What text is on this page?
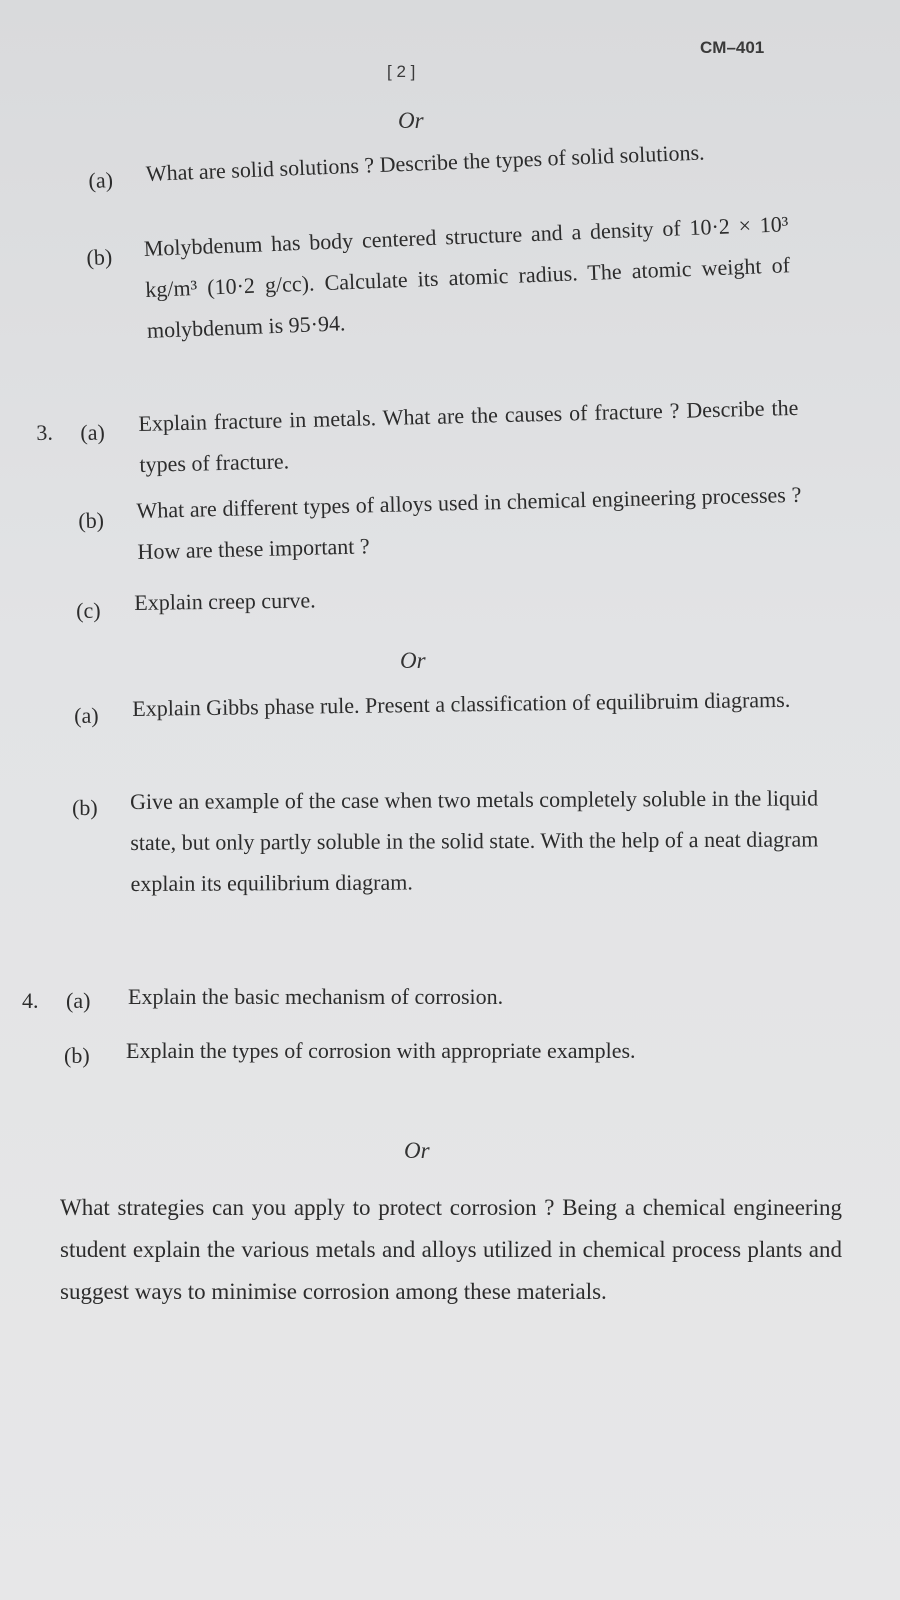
CM–401
[ 2 ]
Or
(a) What are solid solutions ? Describe the types of solid solutions.
(b) Molybdenum has body centered structure and a density of 10·2 × 10³ kg/m³ (10·2 g/cc). Calculate its atomic radius. The atomic weight of molybdenum is 95·94.
3. (a) Explain fracture in metals. What are the causes of fracture ? Describe the types of fracture.
(b) What are different types of alloys used in chemical engineering processes ? How are these important ?
(c) Explain creep curve.
Or
(a) Explain Gibbs phase rule. Present a classification of equilibruim diagrams.
(b) Give an example of the case when two metals completely soluble in the liquid state, but only partly soluble in the solid state. With the help of a neat diagram explain its equilibrium diagram.
4. (a) Explain the basic mechanism of corrosion.
(b) Explain the types of corrosion with appropriate examples.
Or
What strategies can you apply to protect corrosion ? Being a chemical engineering student explain the various metals and alloys utilized in chemical process plants and suggest ways to minimise corrosion among these materials.
